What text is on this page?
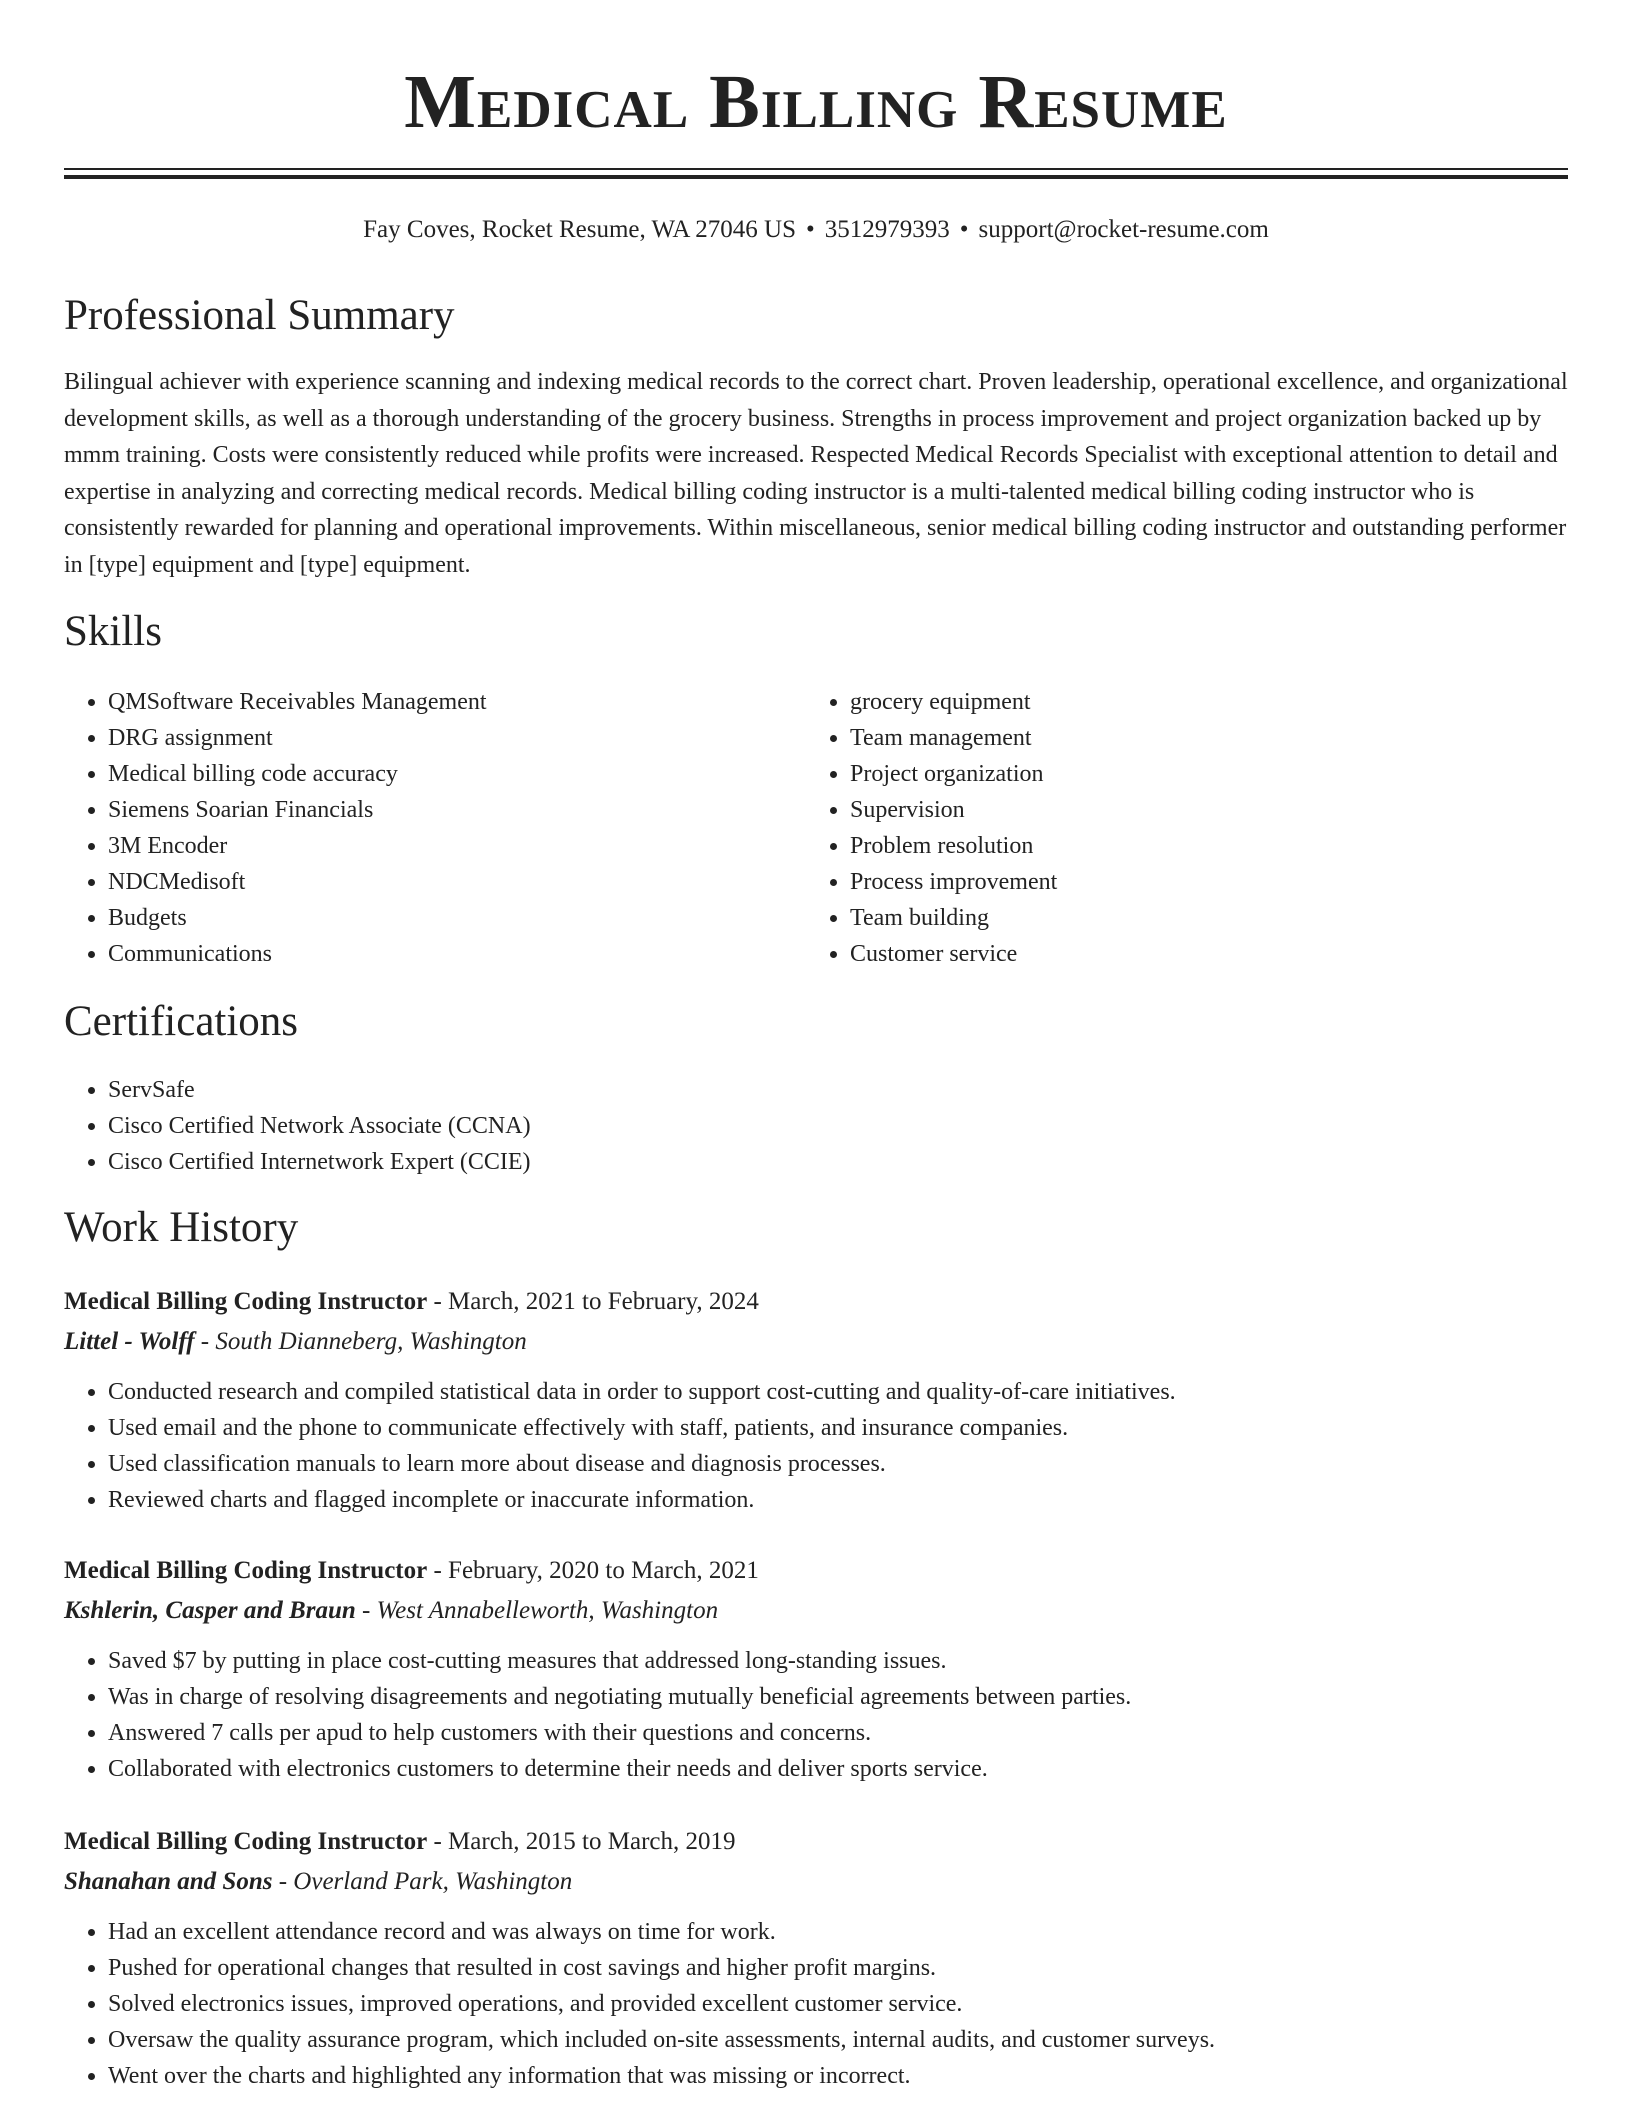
Medical Billing Resume
Fay Coves, Rocket Resume, WA 27046 US • 3512979393 • support@rocket-resume.com
Professional Summary

Bilingual achiever with experience scanning and indexing medical records to the correct chart. Proven leadership, operational excellence, and organizational development skills, as well as a thorough understanding of the grocery business. Strengths in process improvement and project organization backed up by mmm training. Costs were consistently reduced while profits were increased. Respected Medical Records Specialist with exceptional attention to detail and expertise in analyzing and correcting medical records. Medical billing coding instructor is a multi-talented medical billing coding instructor who is consistently rewarded for planning and operational improvements. Within miscellaneous, senior medical billing coding instructor and outstanding performer in [type] equipment and [type] equipment.

Skills
• QMSoftware Receivables Management
• DRG assignment
• Medical billing code accuracy
• Siemens Soarian Financials
• 3M Encoder
• NDCMedisoft
• Budgets
• Communications
• grocery equipment
• Team management
• Project organization
• Supervision
• Problem resolution
• Process improvement
• Team building
• Customer service
Certifications
• ServSafe
• Cisco Certified Network Associate (CCNA)
• Cisco Certified Internetwork Expert (CCIE)
Work History
Medical Billing Coding Instructor - March, 2021 to February, 2024
Littel - Wolff - South Dianneberg, Washington
• Conducted research and compiled statistical data in order to support cost-cutting and quality-of-care initiatives.
• Used email and the phone to communicate effectively with staff, patients, and insurance companies.
• Used classification manuals to learn more about disease and diagnosis processes.
• Reviewed charts and flagged incomplete or inaccurate information.
Medical Billing Coding Instructor - February, 2020 to March, 2021
Kshlerin, Casper and Braun - West Annabelleworth, Washington
• Saved $7 by putting in place cost-cutting measures that addressed long-standing issues.
• Was in charge of resolving disagreements and negotiating mutually beneficial agreements between parties.
• Answered 7 calls per apud to help customers with their questions and concerns.
• Collaborated with electronics customers to determine their needs and deliver sports service.
Medical Billing Coding Instructor - March, 2015 to March, 2019
Shanahan and Sons - Overland Park, Washington
• Had an excellent attendance record and was always on time for work.
• Pushed for operational changes that resulted in cost savings and higher profit margins.
• Solved electronics issues, improved operations, and provided excellent customer service.
• Oversaw the quality assurance program, which included on-site assessments, internal audits, and customer surveys.
• Went over the charts and highlighted any information that was missing or incorrect.
